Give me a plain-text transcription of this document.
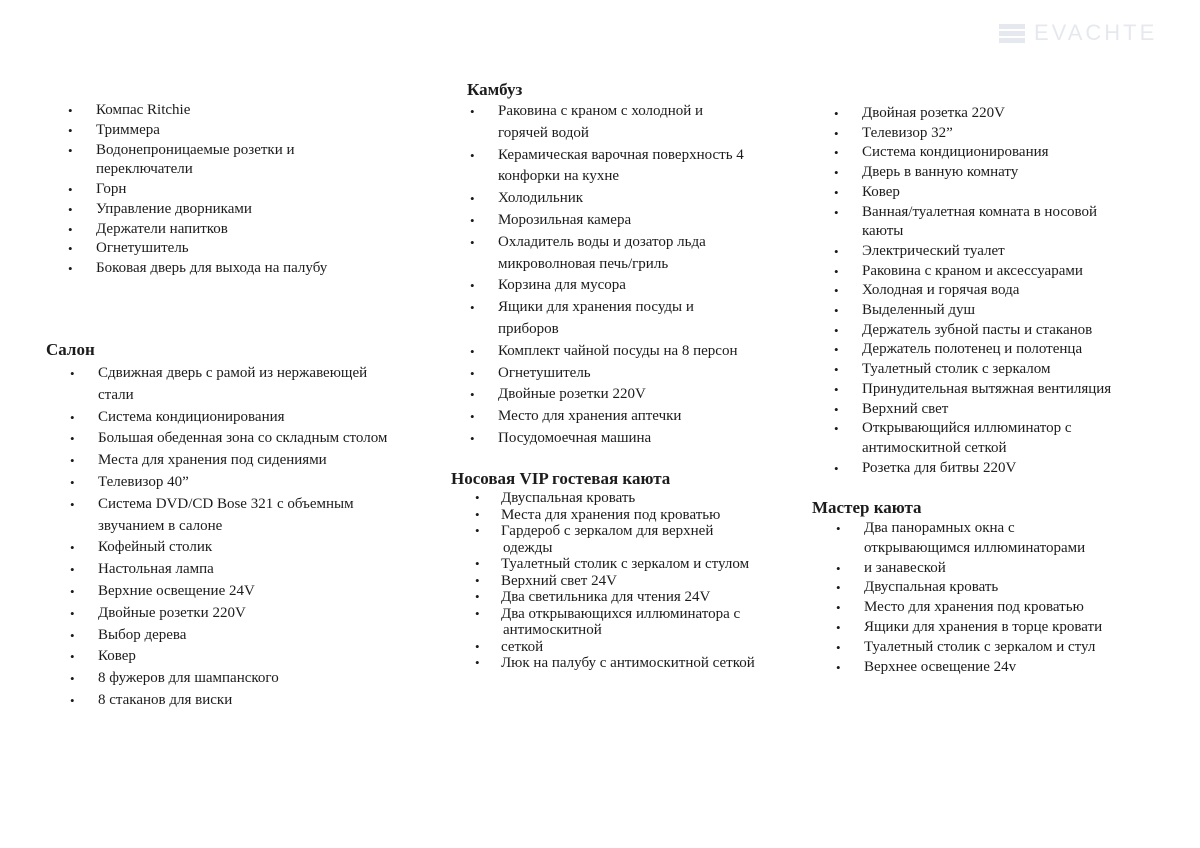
EVACHTE
• Компас Ritchie
• Триммера
• Водонепроницаемые розетки и
переключатели
• Горн
• Управление дворниками
• Держатели напитков
• Огнетушитель
• Боковая дверь для выхода на палубу
Салон
• Сдвижная дверь с рамой из нержавеющей
стали
• Система кондиционирования
• Большая обеденная зона со складным столом
• Места для хранения под сидениями
• Телевизор 40”
• Система DVD/CD Bose 321 с объемным
звучанием в салоне
• Кофейный столик
• Настольная лампа
• Верхние освещение 24V
• Двойные розетки 220V
• Выбор дерева
• Ковер
• 8 фужеров для шампанского
• 8 стаканов для виски
Камбуз
• Раковина с краном с холодной и
горячей водой
• Керамическая варочная поверхность 4
конфорки на кухне
• Холодильник
• Морозильная камера
• Охладитель воды и дозатор льда
микроволновая печь/гриль
• Корзина для мусора
• Ящики для хранения посуды и
приборов
• Комплект чайной посуды на 8 персон
• Огнетушитель
• Двойные розетки 220V
• Место для хранения аптечки
• Посудомоечная машина
Носовая VIP гостевая каюта
• Двуспальная кровать
• Места для хранения под кроватью
• Гардероб с зеркалом для верхней
одежды
• Туалетный столик с зеркалом и стулом
• Верхний свет 24V
• Два светильника для чтения 24V
• Два открывающихся иллюминатора с
антимоскитной
• сеткой
• Люк на палубу с антимоскитной сеткой
• Двойная розетка 220V
• Телевизор 32”
• Система кондиционирования
• Дверь в ванную комнату
• Ковер
• Ванная/туалетная комната в носовой
каюты
• Электрический туалет
• Раковина с краном и аксессуарами
• Холодная и горячая вода
• Выделенный душ
• Держатель зубной пасты и стаканов
• Держатель полотенец и полотенца
• Туалетный столик с зеркалом
• Принудительная вытяжная вентиляция
• Верхний свет
• Открывающийся иллюминатор с
антимоскитной сеткой
• Розетка для битвы 220V
Мастер каюта
• Два панорамных окна с
открывающимся иллюминаторами
• и занавеской
• Двуспальная кровать
• Место для хранения под кроватью
• Ящики для хранения в торце кровати
• Туалетный столик с зеркалом и стул
• Верхнее освещение 24v
